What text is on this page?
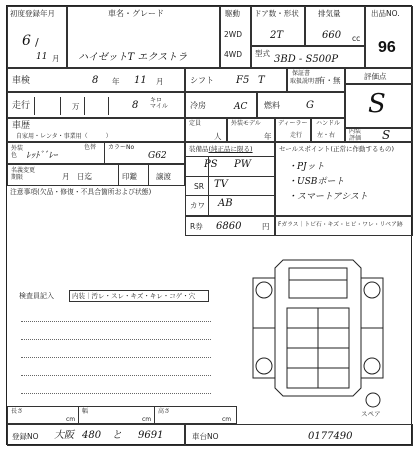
初度登録年月
6 /
11 月
車名・グレード
ハイゼットT エクストラ
駆動
2WD
4WD
ドア数・形状
2T
排気量
660 cc
型式
3BD - S500P
出品NO.
96
車検	8 年 11 月	シフト F5 T
保証書
取扱説明書
有・無	評価点
S
走行	万	8 キロ
マイル	冷房	AC 燃料	G
車歴
自家用・レンタ・事業用（　　　）
定員
人
外装モデル
年
ディーラー
走行
ハンドル
左・右
内装
評価 S
外装
色 ﾚｯﾄﾞﾞﾚｰ
色替 カラーNo
G62
名義変更
期限	月　日迄	印鑑	譲渡
注意事項(欠品・修復・不具合箇所および状態)
装備品(純正品に限る)
PS PW
SR TV
カワ AB
R券 6860	円
セールスポイント(正常に作動するもの)
・PJット
・USBポート
・スマートアシスト
Fガラス｜トビ石・キズ・ヒビ・ワレ・リペア跡
検査員記入	内装｜汚レ・スレ・キズ・キレ・コゲ・穴
スペア
長さ
cm
幅
cm
高さ
cm
登録NO 大阪 480 と 9691	車台NO	0177490
